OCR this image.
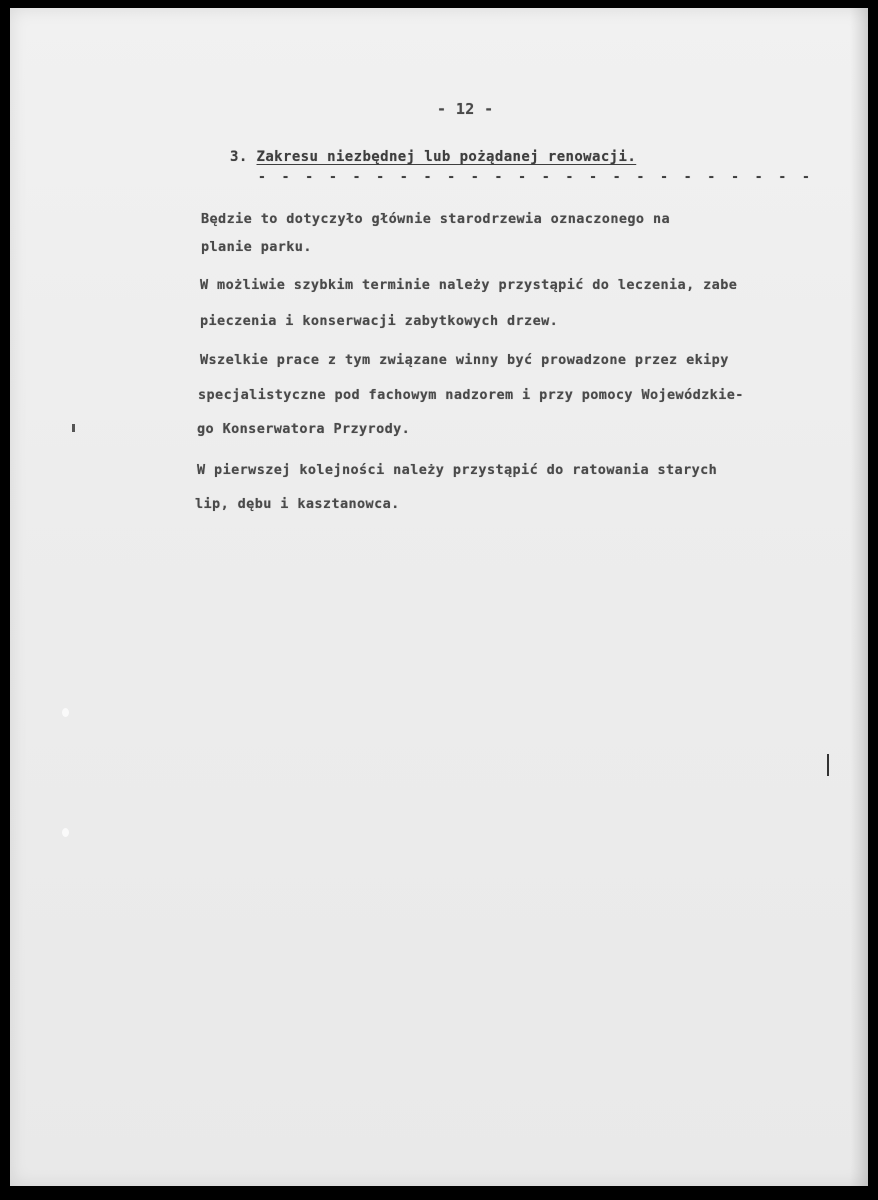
- 12 -
3. Zakresu niezbędnej lub pożądanej renowacji.
- - - - - - - - - - - - - - - - - - - - - - - -
Będzie to dotyczyło głównie starodrzewia oznaczonego na
planie parku.
W możliwie szybkim terminie należy przystąpić do leczenia, zabe
pieczenia i konserwacji zabytkowych drzew.
Wszelkie prace z tym związane winny być prowadzone przez ekipy
specjalistyczne pod fachowym nadzorem i przy pomocy Wojewódzkie-
go Konserwatora Przyrody.
W pierwszej kolejności należy przystąpić do ratowania starych
lip, dębu i kasztanowca.
